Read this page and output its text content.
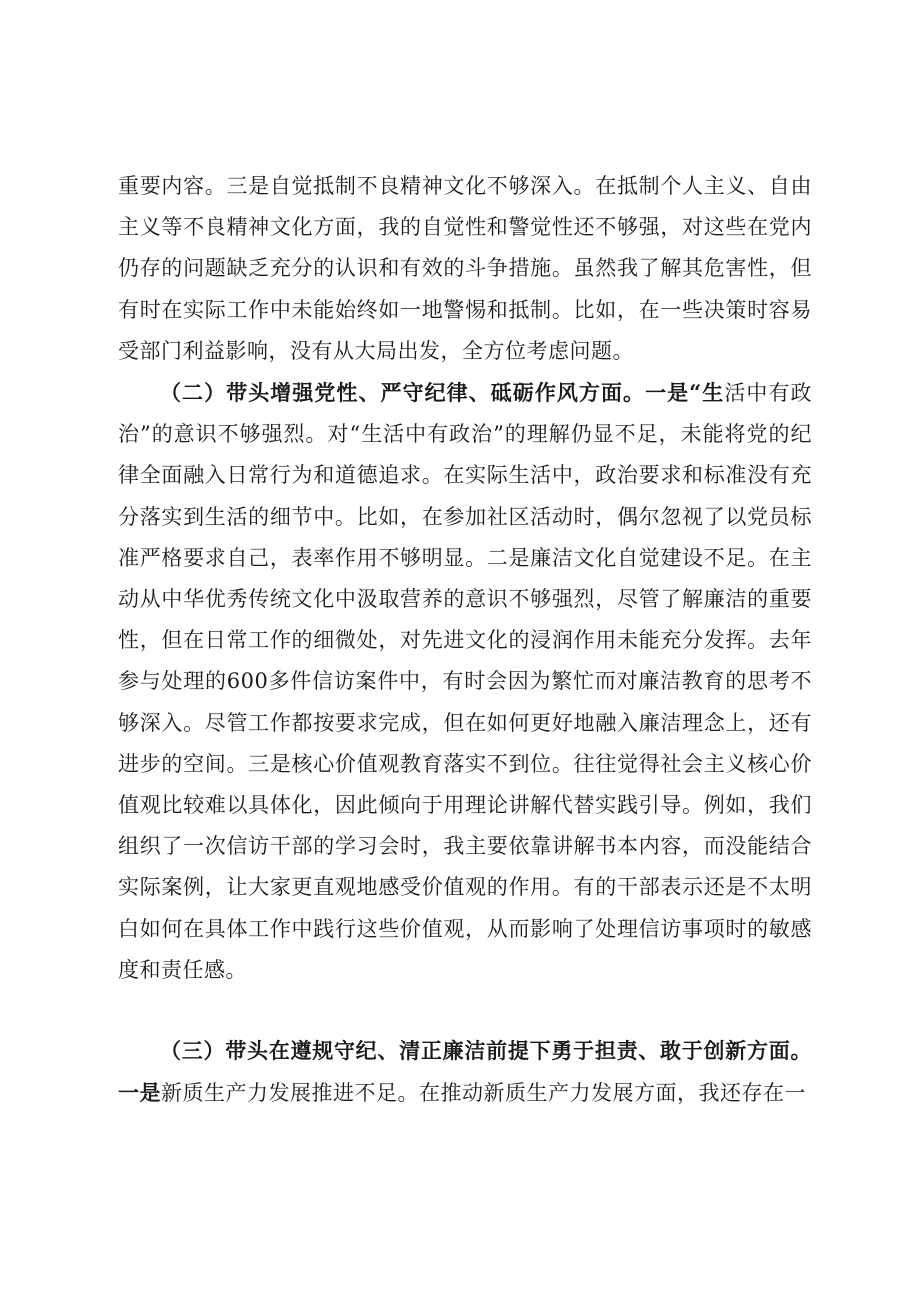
重要内容。三是自觉抵制不良精神文化不够深入。在抵制个人主义、自由主义等不良精神文化方面，我的自觉性和警觉性还不够强，对这些在党内仍存的问题缺乏充分的认识和有效的斗争措施。虽然我了解其危害性，但有时在实际工作中未能始终如一地警惕和抵制。比如，在一些决策时容易受部门利益影响，没有从大局出发，全方位考虑问题。

（二）带头增强党性、严守纪律、砥砺作风方面。一是“生活中有政治”的意识不够强烈。对“生活中有政治”的理解仍显不足，未能将党的纪律全面融入日常行为和道德追求。在实际生活中，政治要求和标准没有充分落实到生活的细节中。比如，在参加社区活动时，偶尔忽视了以党员标准严格要求自己，表率作用不够明显。二是廉洁文化自觉建设不足。在主动从中华优秀传统文化中汲取营养的意识不够强烈，尽管了解廉洁的重要性，但在日常工作的细微处，对先进文化的浸润作用未能充分发挥。去年参与处理的600多件信访案件中，有时会因为繁忙而对廉洁教育的思考不够深入。尽管工作都按要求完成，但在如何更好地融入廉洁理念上，还有进步的空间。三是核心价值观教育落实不到位。往往觉得社会主义核心价值观比较难以具体化，因此倾向于用理论讲解代替实践引导。例如，我们组织了一次信访干部的学习会时，我主要依靠讲解书本内容，而没能结合实际案例，让大家更直观地感受价值观的作用。有的干部表示还是不太明白如何在具体工作中践行这些价值观，从而影响了处理信访事项时的敏感度和责任感。

（三）带头在遵规守纪、清正廉洁前提下勇于担责、敢于创新方面。一是新质生产力发展推进不足。在推动新质生产力发展方面，我还存在一
